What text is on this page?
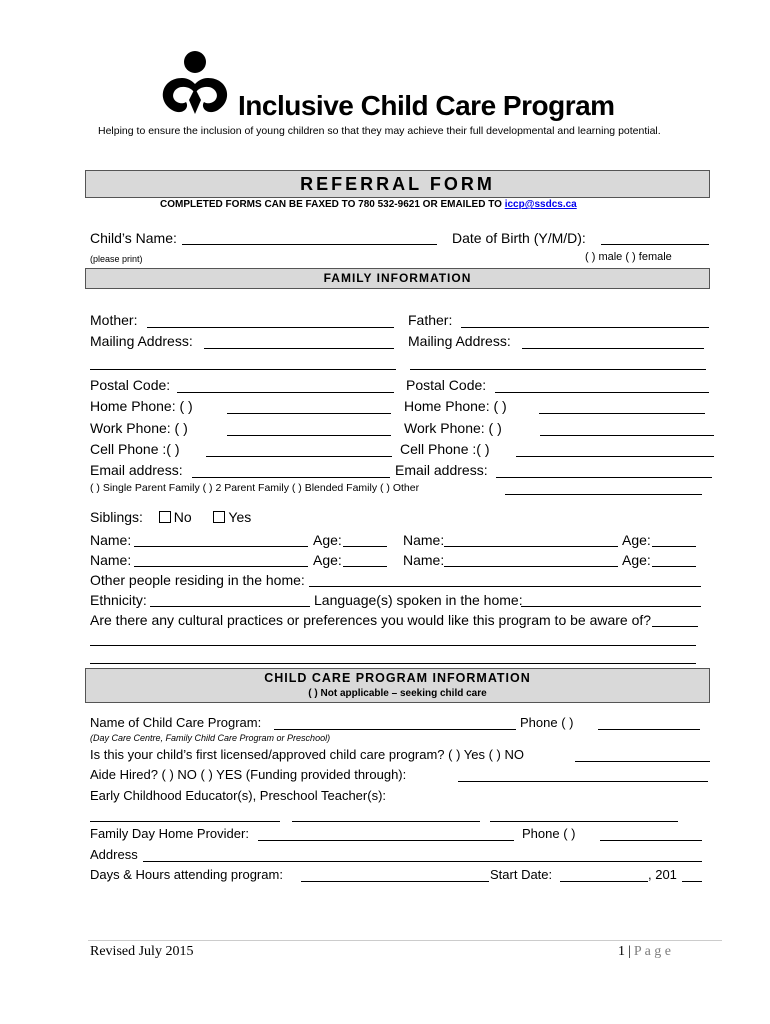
Inclusive Child Care Program
Helping to ensure the inclusion of young children so that they may achieve their full developmental and learning potential.
REFERRAL FORM
COMPLETED FORMS CAN BE FAXED TO 780 532-9621 OR EMAILED TO iccp@ssdcs.ca
Child’s Name:	Date of Birth (Y/M/D):
(please print)	( ) male ( ) female
FAMILY INFORMATION
Mother:	Father:
Mailing Address:	Mailing Address:
Postal Code:	Postal Code:
Home Phone: ( )	Home Phone: ( )
Work Phone: ( )	Work Phone: ( )
Cell Phone :( )	Cell Phone :( )
Email address:	Email address:
( ) Single Parent Family ( ) 2 Parent Family ( ) Blended Family ( ) Other
Siblings: No	Yes
Name:	Age:	Name:	Age:
Name:	Age:	Name:	Age:
Other people residing in the home:
Ethnicity:	Language(s) spoken in the home:
Are there any cultural practices or preferences you would like this program to be aware of?
CHILD CARE PROGRAM INFORMATION
( ) Not applicable – seeking child care
Name of Child Care Program:	Phone ( )
(Day Care Centre, Family Child Care Program or Preschool)
Is this your child’s first licensed/approved child care program? ( ) Yes ( ) NO
Aide Hired? ( ) NO ( ) YES (Funding provided through):
Early Childhood Educator(s), Preschool Teacher(s):
Family Day Home Provider:	Phone ( )
Address
Days & Hours attending program:	Start Date:	, 201
Revised July 2015	1 | P a g e
